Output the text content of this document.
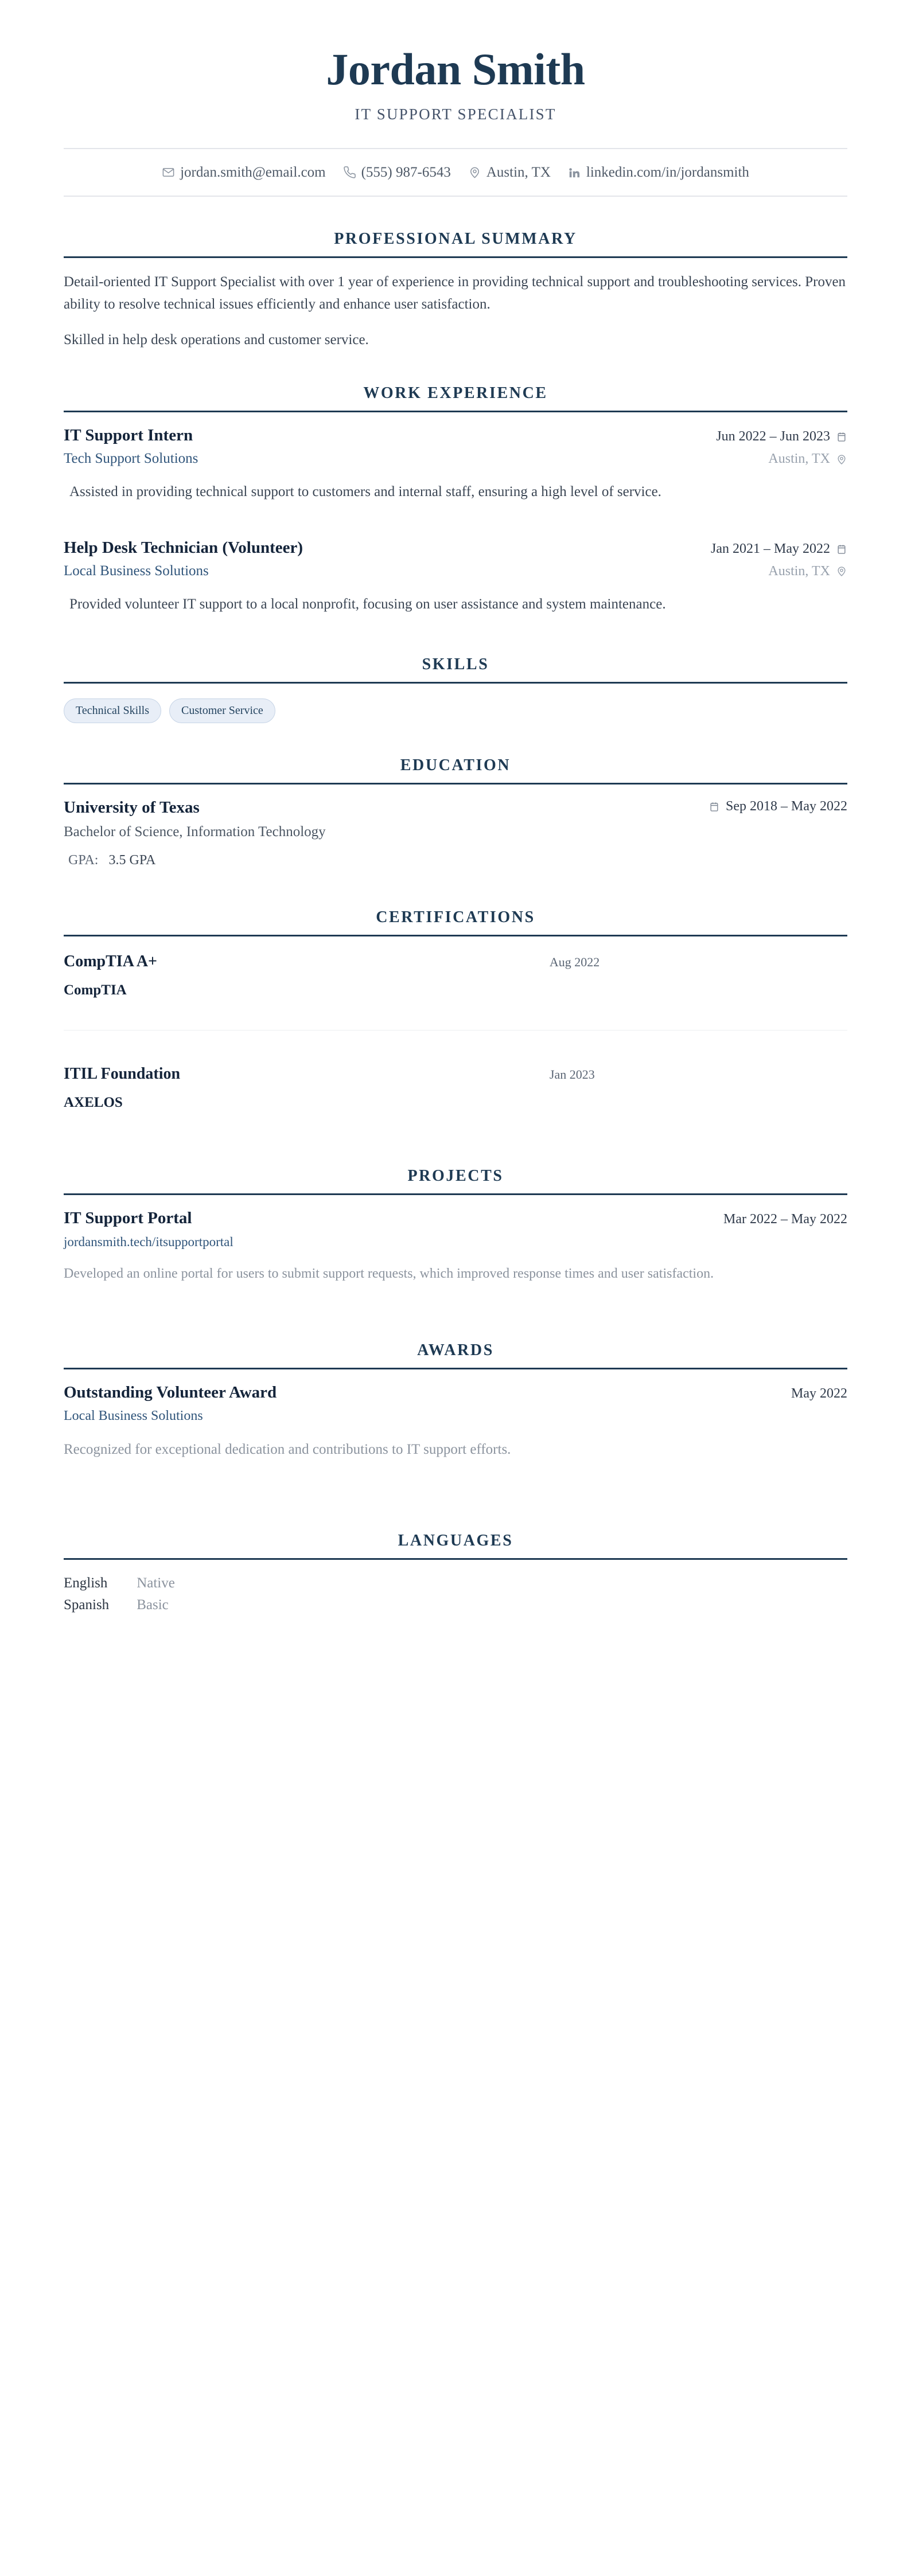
Jordan Smith
IT SUPPORT SPECIALIST
jordan.smith@email.com (555) 987-6543 Austin, TX linkedin.com/in/jordansmith
PROFESSIONAL SUMMARY

Detail-oriented IT Support Specialist with over 1 year of experience in providing technical support and troubleshooting services. Proven ability to resolve technical issues efficiently and enhance user satisfaction.

Skilled in help desk operations and customer service.

WORK EXPERIENCE
IT Support Intern	Jun 2022 – Jun 2023
Tech Support Solutions	Austin, TX
Assisted in providing technical support to customers and internal staff, ensuring a high level of service.
Help Desk Technician (Volunteer)	Jan 2021 – May 2022
Local Business Solutions	Austin, TX
Provided volunteer IT support to a local nonprofit, focusing on user assistance and system maintenance.
SKILLS
Technical Skills	Customer Service
EDUCATION
University of Texas	Sep 2018 – May 2022
Bachelor of Science, Information Technology
GPA: 3.5 GPA
CERTIFICATIONS
CompTIA A+	Aug 2022
CompTIA
ITIL Foundation	Jan 2023
AXELOS
PROJECTS
IT Support Portal	Mar 2022 – May 2022
jordansmith.tech/itsupportportal
Developed an online portal for users to submit support requests, which improved response times and user satisfaction.
AWARDS
Outstanding Volunteer Award	May 2022
Local Business Solutions
Recognized for exceptional dedication and contributions to IT support efforts.
LANGUAGES
English	Native
Spanish	Basic
